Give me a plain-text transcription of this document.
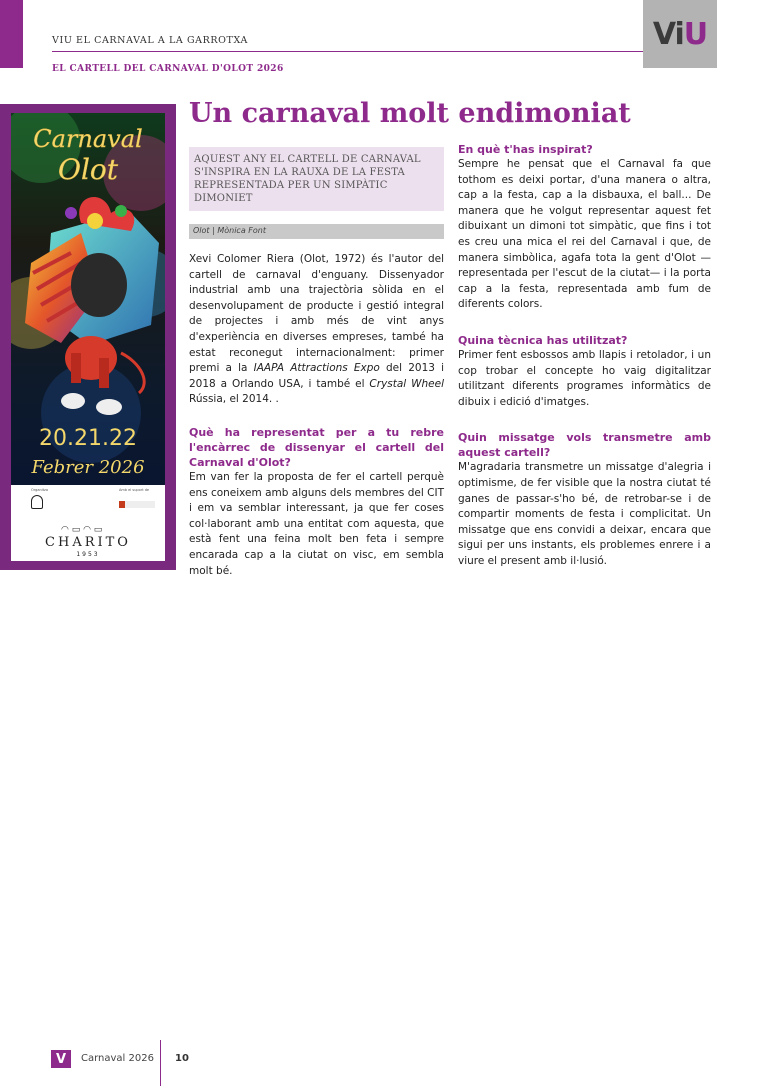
VIU EL CARNAVAL A LA GARROTXA
EL CARTELL DEL CARNAVAL D'OLOT 2026
ViU
Carnaval
Olot
20.21.22
Febrer 2026
Organitza	Amb el suport de
◠ ▭ ◠ ▭
CHARITO
1953
Un carnaval molt endimoniat
AQUEST ANY EL CARTELL DE CARNAVAL S'INSPIRA EN LA RAUXA DE LA FESTA REPRESENTADA PER UN SIMPÀTIC DIMONIET
Olot | Mònica Font

Xevi Colomer Riera (Olot, 1972) és l'autor del cartell de carnaval d'enguany. Dissenyador industrial amb una trajectòria sòlida en el desenvolupament de producte i gestió integral de projectes i amb més de vint anys d'experiència en diverses empreses, també ha estat reconegut internacionalment: primer premi a la IAAPA Attractions Expo del 2013 i 2018 a Orlando USA, i també el Crystal Wheel Rússia, el 2014. .

Què ha representat per a tu rebre l'encàrrec de dissenyar el cartell del Carnaval d'Olot?

Em van fer la proposta de fer el cartell perquè ens coneixem amb alguns dels membres del CIT i em va semblar interessant, ja que fer coses col·laborant amb una entitat com aquesta, que està fent una feina molt ben feta i sempre encarada cap a la ciutat on visc, em sembla molt bé.

En què t'has inspirat?

Sempre he pensat que el Carnaval fa que tothom es deixi portar, d'una manera o altra, cap a la festa, cap a la disbauxa, el ball... De manera que he volgut representar aquest fet dibuixant un dimoni tot simpàtic, que fins i tot es creu una mica el rei del Carnaval i que, de manera simbòlica, agafa tota la gent d'Olot —representada per l'escut de la ciutat— i la porta cap a la festa, representada amb fum de diferents colors.

Quina tècnica has utilitzat?

Primer fent esbossos amb llapis i retolador, i un cop trobar el concepte ho vaig digitalitzar utilitzant diferents programes informàtics de dibuix i edició d'imatges.

Quin missatge vols transmetre amb aquest cartell?

M'agradaria transmetre un missatge d'alegria i optimisme, de fer visible que la nostra ciutat té ganes de passar-s'ho bé, de retrobar-se i de compartir moments de festa i complicitat. Un missatge que ens convidi a deixar, encara que sigui per uns instants, els problemes enrere i a viure el present amb il·lusió.

V	Carnaval 2026 10
